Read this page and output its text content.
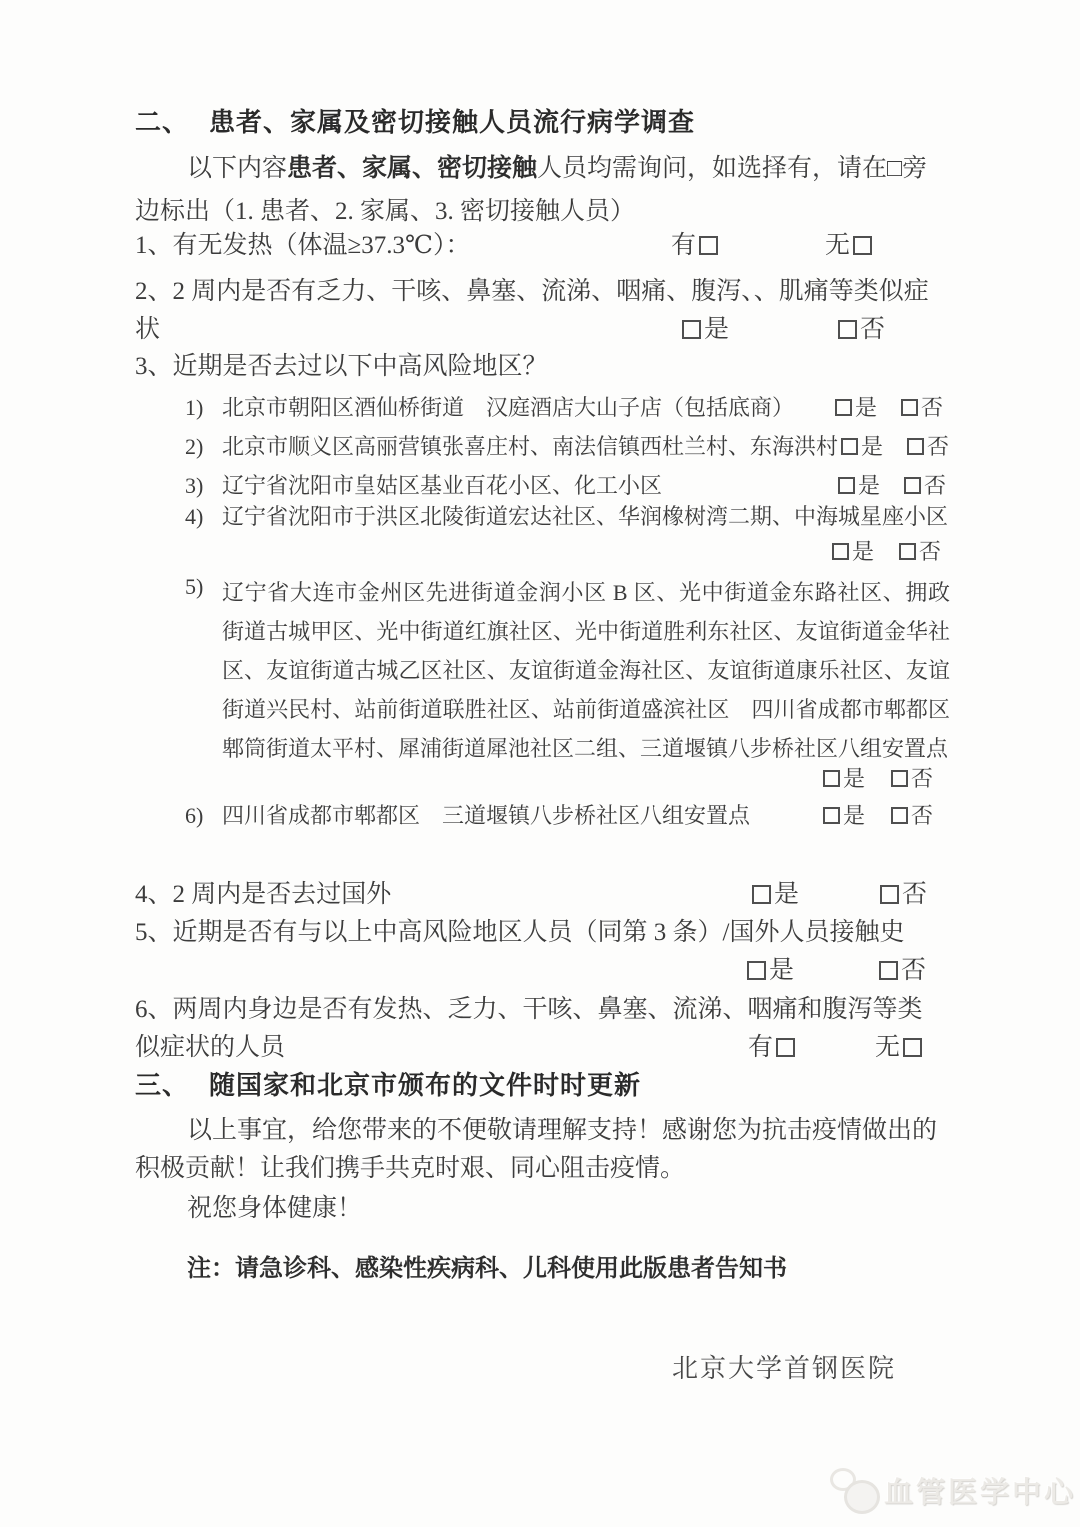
二、 患者、家属及密切接触人员流行病学调查
以下内容患者、家属、密切接触人员均需询问，如选择有，请在□旁
边标出（1. 患者、2. 家属、3. 密切接触人员）
1、有无发热（体温≥37.3℃）：	有	无
2、2 周内是否有乏力、干咳、鼻塞、流涕、咽痛、腹泻、、肌痛等类似症
状	是	否
3、近期是否去过以下中高风险地区？
1) 北京市朝阳区酒仙桥街道　汉庭酒店大山子店（包括底商）	是	否
2) 北京市顺义区高丽营镇张喜庄村、南法信镇西杜兰村、东海洪村	是	否
3) 辽宁省沈阳市皇姑区基业百花小区、化工小区	是	否
4) 辽宁省沈阳市于洪区北陵街道宏达社区、华润橡树湾二期、中海城星座小区
是	否
5) 辽宁省大连市金州区先进街道金润小区 B 区、光中街道金东路社区、拥政街道古城甲区、光中街道红旗社区、光中街道胜利东社区、友谊街道金华社区、友谊街道古城乙区社区、友谊街道金海社区、友谊街道康乐社区、友谊街道兴民村、站前街道联胜社区、站前街道盛滨社区　四川省成都市郫都区郫筒街道太平村、犀浦街道犀池社区二组、三道堰镇八步桥社区八组安置点
是	否
6) 四川省成都市郫都区　三道堰镇八步桥社区八组安置点	是	否
4、2 周内是否去过国外	是	否
5、近期是否有与以上中高风险地区人员（同第 3 条）/国外人员接触史
是	否
6、两周内身边是否有发热、乏力、干咳、鼻塞、流涕、咽痛和腹泻等类
似症状的人员	有	无
三、 随国家和北京市颁布的文件时时更新
以上事宜，给您带来的不便敬请理解支持！感谢您为抗击疫情做出的
积极贡献！让我们携手共克时艰、同心阻击疫情。
祝您身体健康！
注：请急诊科、感染性疾病科、儿科使用此版患者告知书
北京大学首钢医院
血管医学中心
